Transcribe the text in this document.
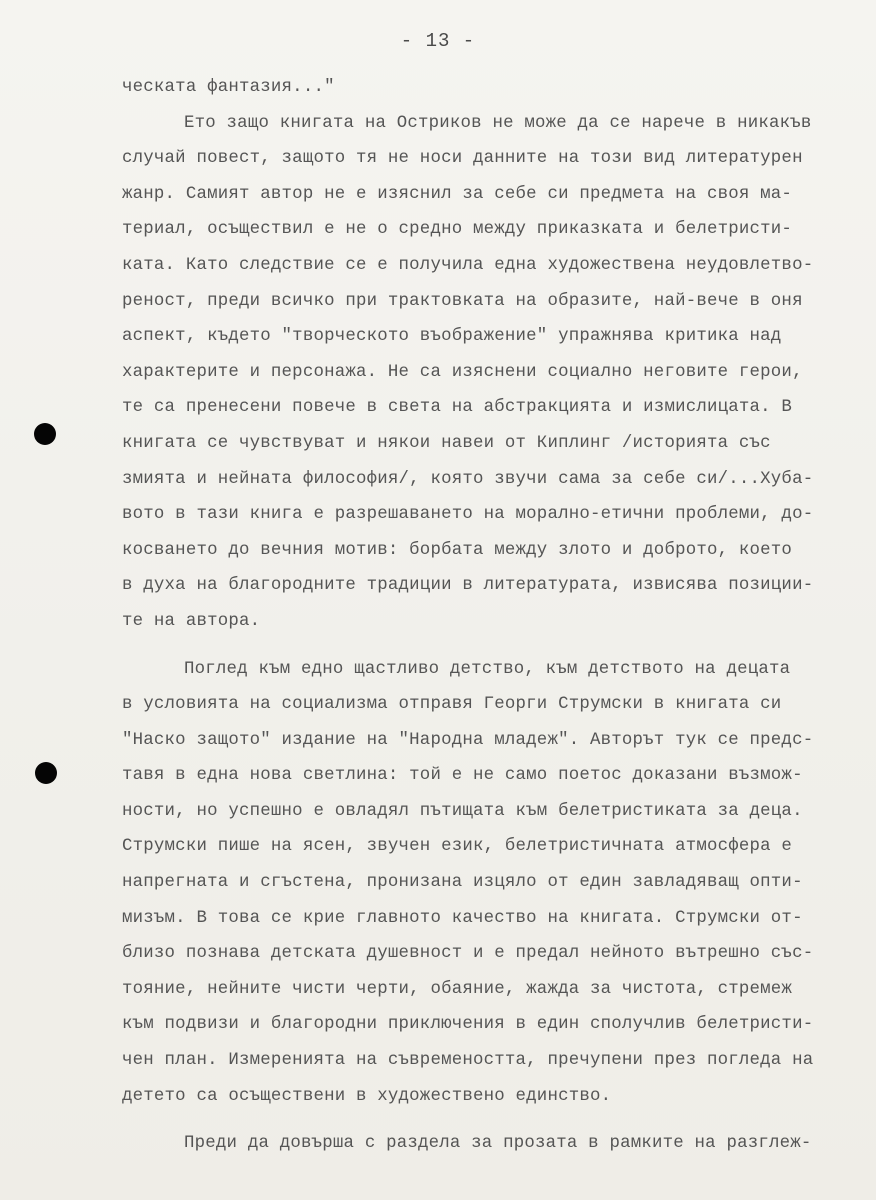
- 13 -
ческата фантазия..."
Ето защо книгата на Остриков не може да се нарече в никакъв
случай повест, защото тя не носи данните на този вид литературен
жанр. Самият автор не е изяснил за себе си предмета на своя ма-
териал, осъществил е не о средно между приказката и белетристи-
ката. Като следствие се е получила една художествена неудовлетво-
реност, преди всичко при трактовката на образите, най-вече в оня
аспект, където "творческото въображение" упражнява критика над
характерите и персонажа. Не са изяснени социално неговите герои,
те са пренесени повече в света на абстракцията и измислицата. В
книгата се чувствуват и някои навеи от Киплинг /историята със
змията и нейната философия/, която звучи сама за себе си/...Хуба-
вото в тази книга е разрешаването на морално-етични проблеми, до-
косването до вечния мотив: борбата между злото и доброто, което
в духа на благородните традиции в литературата, извисява позиции-
те на автора.
Поглед към едно щастливо детство, към детството на децата
в условията на социализма отправя Георги Струмски в книгата си
"Наско защото" издание на "Народна младеж". Авторът тук се предс-
тавя в една нова светлина: той е не само поетос доказани възмож-
ности, но успешно е овладял пътищата към белетристиката за деца.
Струмски пише на ясен, звучен език, белетристичната атмосфера е
напрегната и сгъстена, пронизана изцяло от един завладяващ опти-
мизъм. В това се крие главното качество на книгата. Струмски от-
близо познава детската душевност и е предал нейното вътрешно със-
тояние, нейните чисти черти, обаяние, жажда за чистота, стремеж
към подвизи и благородни приключения в един сполучлив белетристи-
чен план. Измеренията на съвремеността, пречупени през погледа на
детето са осъществени в художествено единство.
Преди да довърша с раздела за прозата в рамките на разглеж-
